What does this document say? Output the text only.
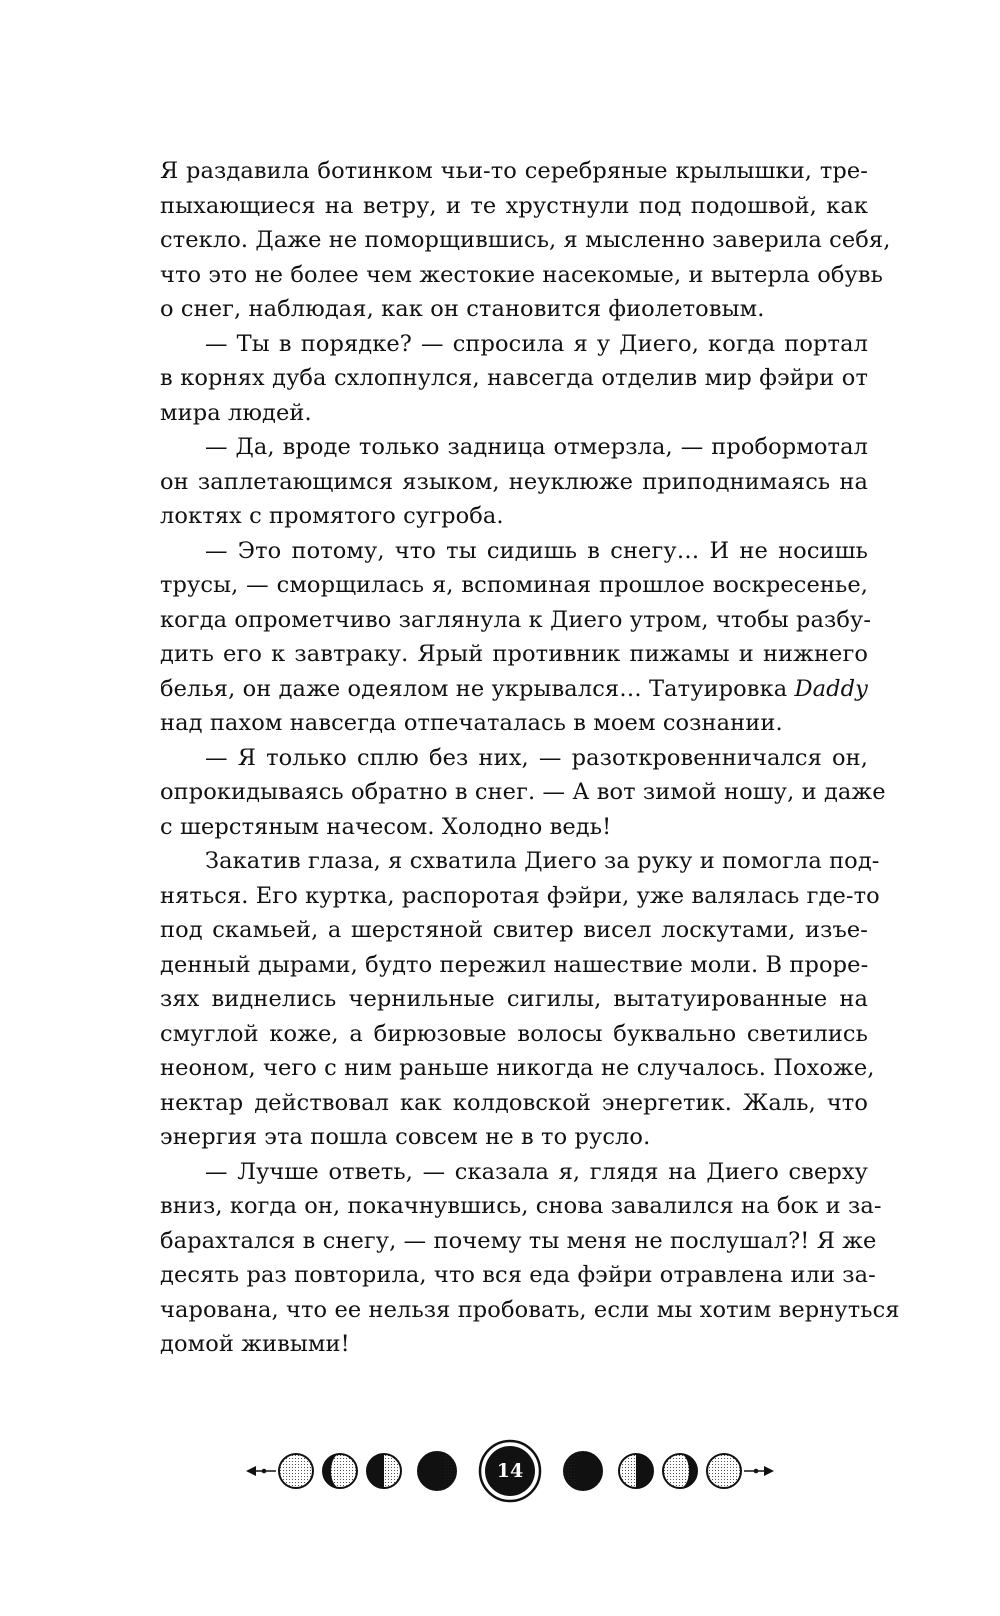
Я раздавила ботинком чьи-то серебряные крылышки, тре-
пыхающиеся на ветру, и те хрустнули под подошвой, как
стекло. Даже не поморщившись, я мысленно заверила себя,
что это не более чем жестокие насекомые, и вытерла обувь
о снег, наблюдая, как он становится фиолетовым.
— Ты в порядке? — спросила я у Диего, когда портал
в корнях дуба схлопнулся, навсегда отделив мир фэйри от
мира людей.
— Да, вроде только задница отмерзла, — пробормотал
он заплетающимся языком, неуклюже приподнимаясь на
локтях с промятого сугроба.
— Это потому, что ты сидишь в снегу… И не носишь
трусы, — сморщилась я, вспоминая прошлое воскресенье,
когда опрометчиво заглянула к Диего утром, чтобы разбу-
дить его к завтраку. Ярый противник пижамы и нижнего
белья, он даже одеялом не укрывался… Татуировка Daddy
над пахом навсегда отпечаталась в моем сознании.
— Я только сплю без них, — разоткровенничался он,
опрокидываясь обратно в снег. — А вот зимой ношу, и даже
с шерстяным начесом. Холодно ведь!
Закатив глаза, я схватила Диего за руку и помогла под-
няться. Его куртка, распоротая фэйри, уже валялась где-то
под скамьей, а шерстяной свитер висел лоскутами, изъе-
денный дырами, будто пережил нашествие моли. В проре-
зях виднелись чернильные сигилы, вытатуированные на
смуглой коже, а бирюзовые волосы буквально светились
неоном, чего с ним раньше никогда не случалось. Похоже,
нектар действовал как колдовской энергетик. Жаль, что
энергия эта пошла совсем не в то русло.
— Лучше ответь, — сказала я, глядя на Диего сверху
вниз, когда он, покачнувшись, снова завалился на бок и за-
барахтался в снегу, — почему ты меня не послушал?! Я же
десять раз повторила, что вся еда фэйри отравлена или за-
чарована, что ее нельзя пробовать, если мы хотим вернуться
домой живыми!
14
